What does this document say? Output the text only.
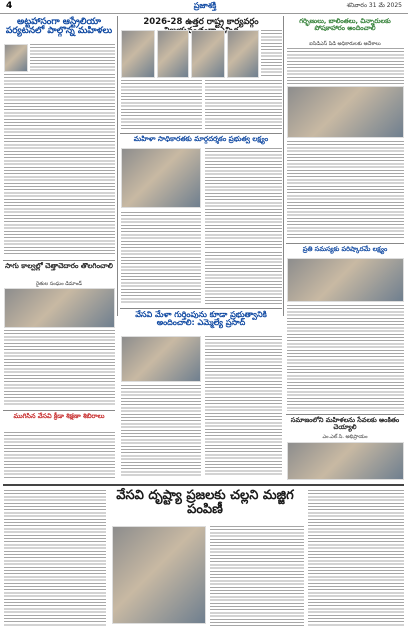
4	ప్రజాశక్తి	శనివారం 31 మే 2025
అట్టహాసంగా ఆస్ట్రేలియా పర్యటనలో పాల్గొన్న మహిళలు
2026-28 ఉత్తర రాష్ట్ర కార్యవర్గం విజయవంతంగా
గర్భిణులు, బాలింతలు, చిన్నారులకు పోషకాహారం అందించాలి
ఐసిడిఎస్ పిడి అధికారులకు ఆదేశాలు
మహిళా సాధికారతకు మార్గదర్శకం ప్రభుత్వ లక్ష్యం
ప్రతి సమస్యకు పరిష్కారమే లక్ష్యం
సాగు కాల్వల్లో చెత్తాచెదారం తొలగించాలి
రైతుల సంఘం డిమాండ్
వేసవి మేళా గుర్తింపును కూడా ప్రభుత్వానికి అందించాలి: ఎమ్మెల్యే ప్రసాద్
సమాజంలోని మహిళలను సేవలకు అంకితం చెయ్యాలి
ఎం.ఎల్.సి. అభిప్రాయం
ముగిసిన వేసవి క్రీడా శిక్షణా శిబిరాలు
వేసవి దృష్ట్యా ప్రజలకు చల్లని మజ్జిగ పంపిణీ
